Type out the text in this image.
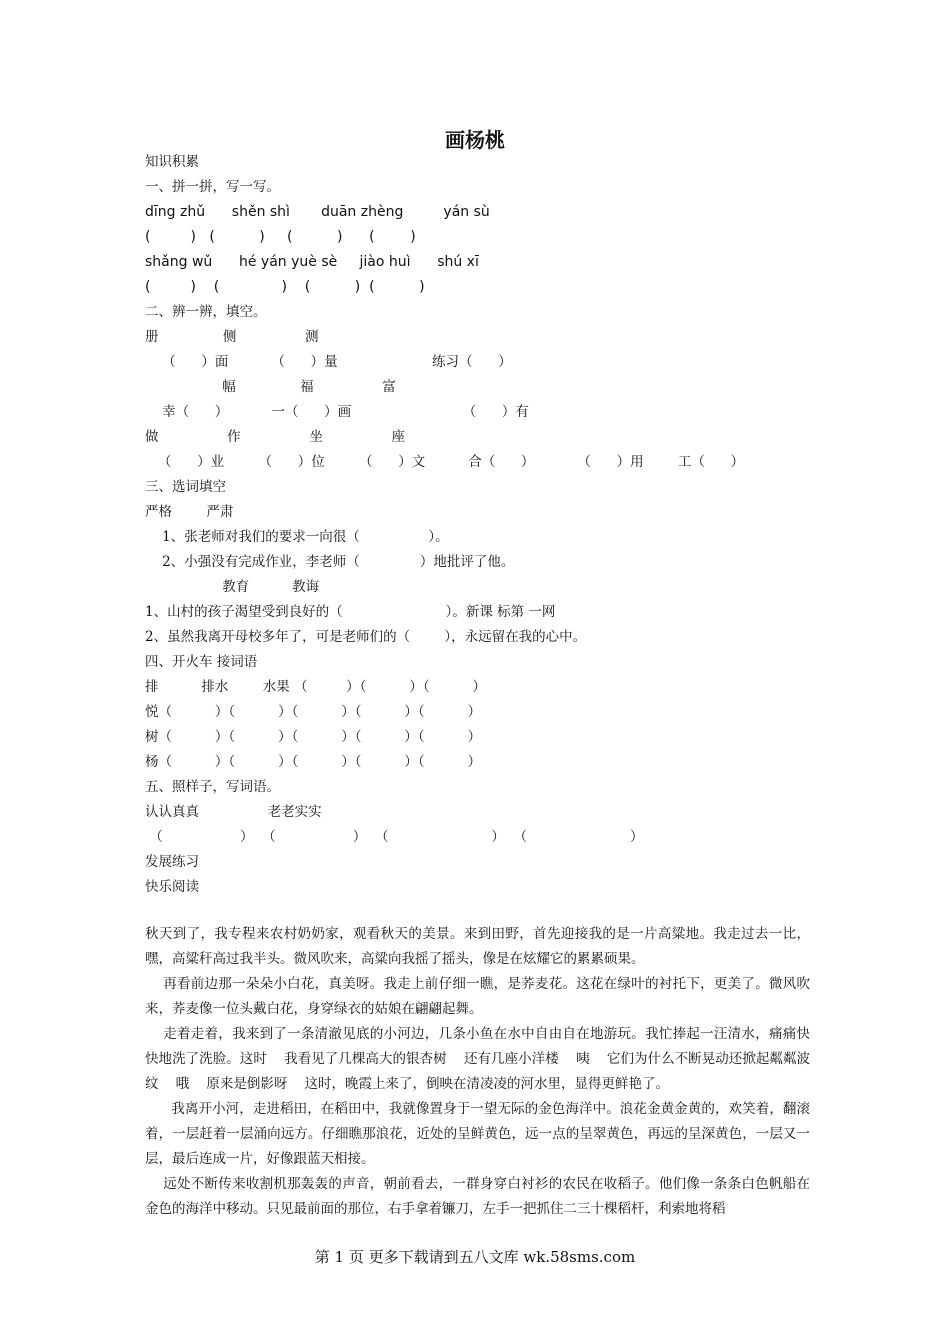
画杨桃
知识积累
一、拼一拼，写一写。
dīng zhǔ      shěn shì       duān zhèng         yán sù
(         )   (          )     (          )      (        )
shǎng wǔ      hé yán yuè sè     jiào huì      shú xī
(         )    (              )    (          )  (          )
二、辨一辨，填空。
册               侧                测
（      ）面          （      ）量                      练习（      ）
幅               福                富
幸（      ）          一（      ）画                          （      ）有
做                作                坐                座
（      ）业        （      ）位        （      ）文          合（      ）          （      ）用        工（      ）
三、选词填空
严格        严肃
1、张老师对我们的要求一向很（                ）。
2、小强没有完成作业，李老师（              ）地批评了他。
教育          教诲
1、山村的孩子渴望受到良好的（                        ）。新课 标第 一网
2、虽然我离开母校多年了，可是老师们的（        ），永远留在我的心中。
四、开火车 接词语
排          排水        水果 （         ）（          ）（          ）
悦（          ）（          ）（          ）（          ）（          ）
树（          ）（          ）（          ）（          ）（          ）
杨（          ）（          ）（          ）（          ）（          ）
五、照样子，写词语。
认认真真                老老实实
（                  ）  （                  ）  （                        ）  （                        ）
发展练习
快乐阅读

秋天到了，我专程来农村奶奶家，观看秋天的美景。来到田野，首先迎接我的是一片高粱地。我走过去一比，嘿，高粱秆高过我半头。微风吹来，高粱向我摇了摇头，像是在炫耀它的累累硕果。

再看前边那一朵朵小白花，真美呀。我走上前仔细一瞧，是荞麦花。这花在绿叶的衬托下，更美了。微风吹来，荞麦像一位头戴白花，身穿绿衣的姑娘在翩翩起舞。

走着走着，我来到了一条清澈见底的小河边，几条小鱼在水中自由自在地游玩。我忙捧起一汪清水，痛痛快快地洗了洗脸。这时    我看见了几棵高大的银杏树    还有几座小洋楼    咦    它们为什么不断晃动还掀起粼粼波纹    哦    原来是倒影呀    这时，晚霞上来了，倒映在清凌凌的河水里，显得更鲜艳了。

我离开小河，走进稻田，在稻田中，我就像置身于一望无际的金色海洋中。浪花金黄金黄的，欢笑着，翻滚着，一层赶着一层涌向远方。仔细瞧那浪花，近处的呈鲜黄色，远一点的呈翠黄色，再远的呈深黄色，一层又一层，最后连成一片，好像跟蓝天相接。

远处不断传来收割机那轰轰的声音，朝前看去，一群身穿白衬衫的农民在收稻子。他们像一条条白色帆船在金色的海洋中移动。只见最前面的那位，右手拿着镰刀，左手一把抓住二三十棵稻杆，利索地将稻

第 1 页 更多下载请到五八文库 wk.58sms.com
